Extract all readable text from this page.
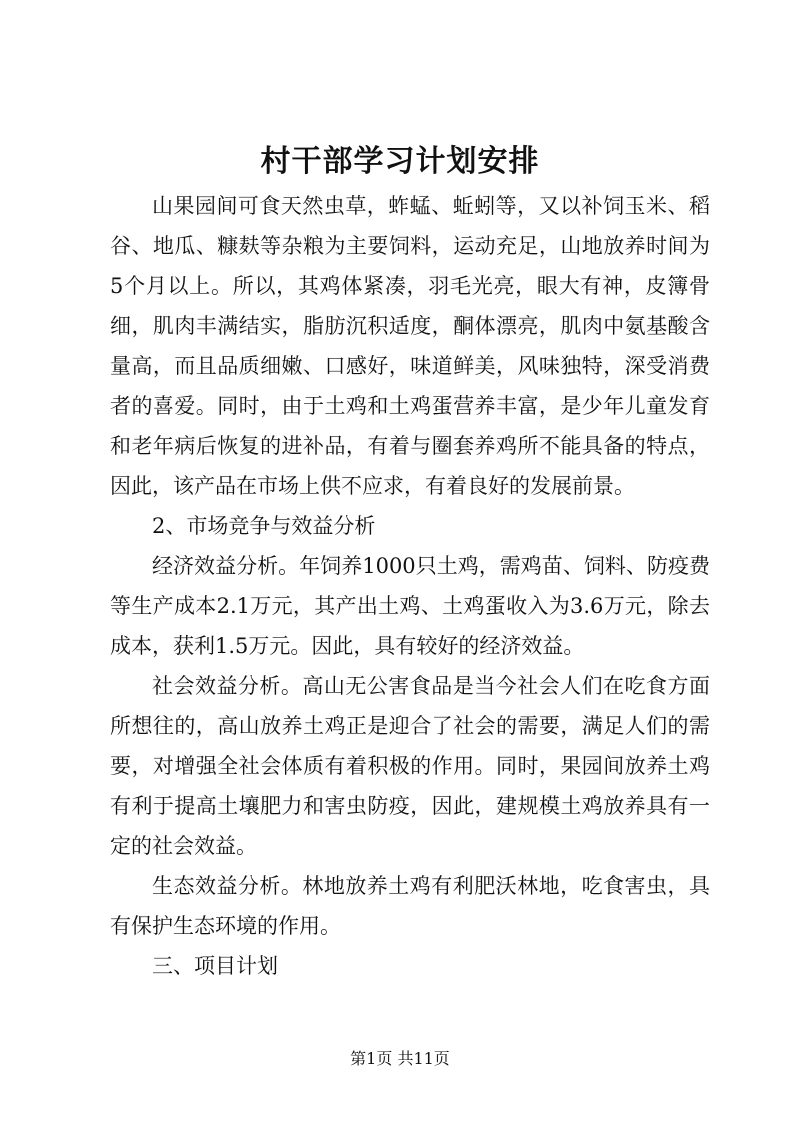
村干部学习计划安排

山果园间可食天然虫草，蚱蜢、蚯蚓等，又以补饲玉米、稻谷、地瓜、糠麸等杂粮为主要饲料，运动充足，山地放养时间为5个月以上。所以，其鸡体紧凑，羽毛光亮，眼大有神，皮簿骨细，肌肉丰满结实，脂肪沉积适度，酮体漂亮，肌肉中氨基酸含量高，而且品质细嫩、口感好，味道鲜美，风味独特，深受消费者的喜爱。同时，由于土鸡和土鸡蛋营养丰富，是少年儿童发育和老年病后恢复的进补品，有着与圈套养鸡所不能具备的特点，因此，该产品在市场上供不应求，有着良好的发展前景。

2、市场竞争与效益分析

经济效益分析。年饲养1000只土鸡，需鸡苗、饲料、防疫费等生产成本2.1万元，其产出土鸡、土鸡蛋收入为3.6万元，除去成本，获利1.5万元。因此，具有较好的经济效益。

社会效益分析。高山无公害食品是当今社会人们在吃食方面所想往的，高山放养土鸡正是迎合了社会的需要，满足人们的需要，对增强全社会体质有着积极的作用。同时，果园间放养土鸡有利于提高土壤肥力和害虫防疫，因此，建规模土鸡放养具有一定的社会效益。

生态效益分析。林地放养土鸡有利肥沃林地，吃食害虫，具有保护生态环境的作用。

三、项目计划

第1页 共11页
